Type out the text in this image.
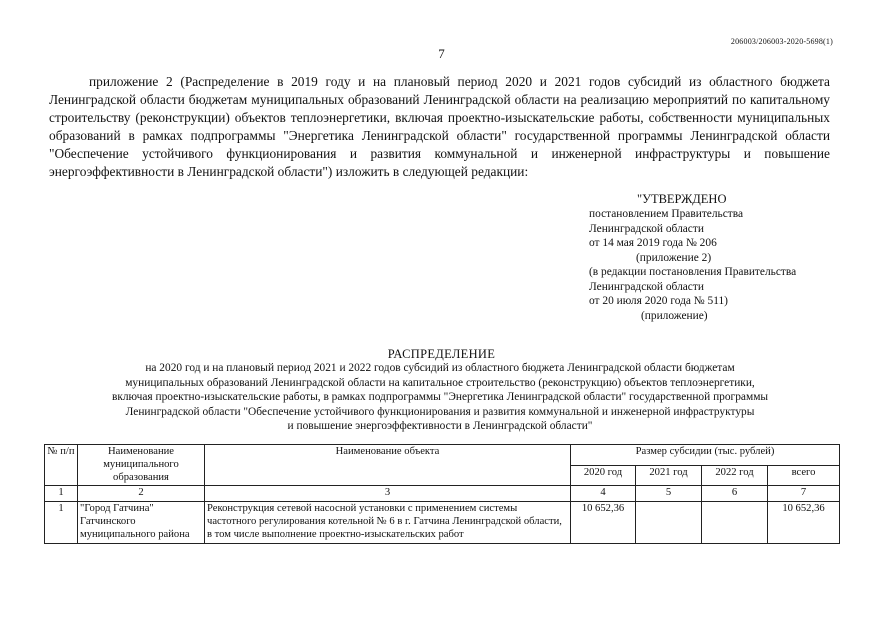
206003/206003-2020-5698(1)
7

приложение 2 (Распределение в 2019 году и на плановый период 2020 и 2021 годов субсидий из областного бюджета Ленинградской области бюджетам муниципальных образований Ленинградской области на реализацию мероприятий по капитальному строительству (реконструкции) объектов теплоэнергетики, включая проектно-изыскательские работы, собственности муниципальных образований в рамках подпрограммы "Энергетика Ленинградской области" государственной программы Ленинградской области "Обеспечение устойчивого функционирования и развития коммунальной и инженерной инфраструктуры и повышение энергоэффективности в Ленинградской области") изложить в следующей редакции:

"УТВЕРЖДЕНО
постановлением Правительства
Ленинградской области
от 14 мая 2019 года № 206
(приложение 2)
(в редакции постановления Правительства
Ленинградской области
от 20 июля 2020 года № 511)
(приложение)
РАСПРЕДЕЛЕНИЕ
на 2020 год и на плановый период 2021 и 2022 годов субсидий из областного бюджета Ленинградской области бюджетам
муниципальных образований Ленинградской области на капитальное строительство (реконструкцию) объектов теплоэнергетики,
включая проектно-изыскательские работы, в рамках подпрограммы "Энергетика Ленинградской области" государственной программы
Ленинградской области "Обеспечение устойчивого функционирования и развития коммунальной и инженерной инфраструктуры
и повышение энергоэффективности в Ленинградской области"
№ п/п	Наименование муниципального образования	Наименование объекта	Размер субсидии (тыс. рублей)			
			2020 год	2021 год	2022 год	всего
1	2	3	4	5	6	7
1	"Город Гатчина" Гатчинского муниципального района	Реконструкция сетевой насосной установки с применением системы частотного регулирования котельной № 6 в г. Гатчина Ленинградской области, в том числе выполнение проектно-изыскательских работ	10 652,36			10 652,36
